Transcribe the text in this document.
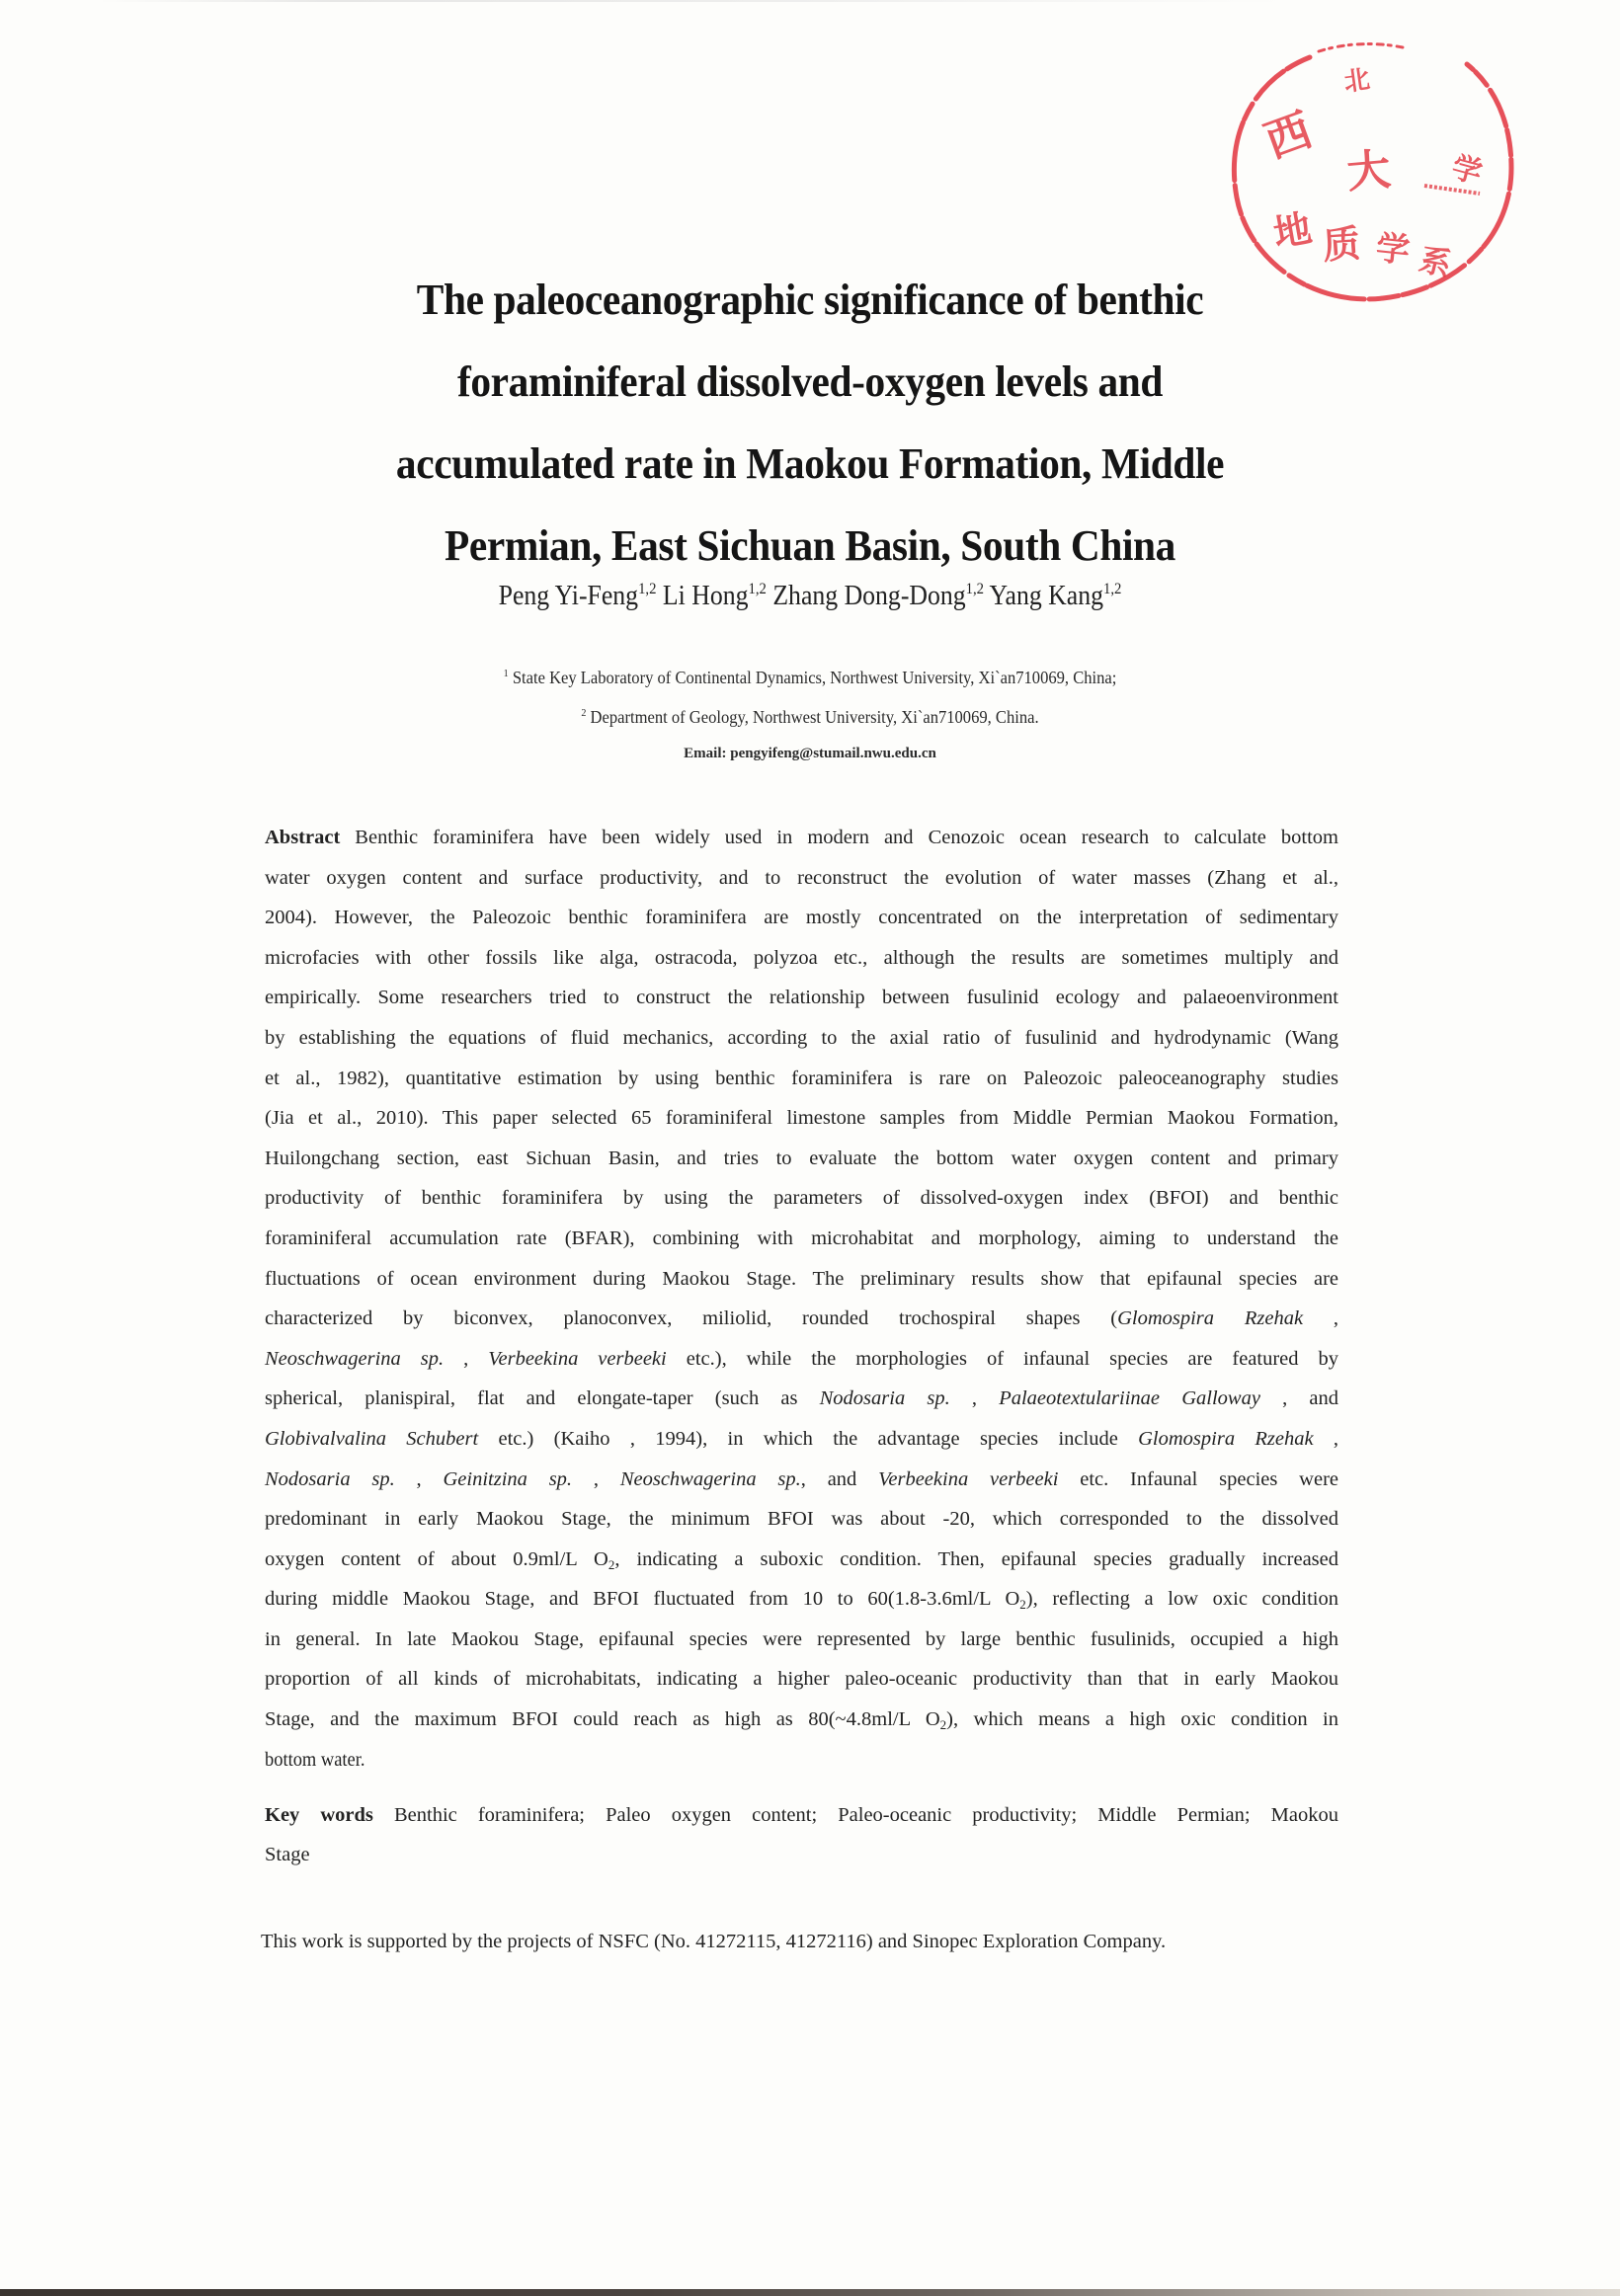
北
西
大 学
地 质 学 系
The paleoceanographic significance of benthic
foraminiferal dissolved-oxygen levels and
accumulated rate in Maokou Formation, Middle
Permian, East Sichuan Basin, South China
Peng Yi-Feng$^{1,2}$ Li Hong$^{1,2}$ Zhang Dong-Dong$^{1,2}$ Yang Kang$^{1,2}$
$^1$ State Key Laboratory of Continental Dynamics, Northwest University, Xi`an710069, China;
$^2$ Department of Geology, Northwest University, Xi`an710069, China.
Email: pengyifeng@stumail.nwu.edu.cn
Abstract Benthic foraminifera have been widely used in modern and Cenozoic ocean research to calculate bottom
water oxygen content and surface productivity, and to reconstruct the evolution of water masses (Zhang et al.,
2004). However, the Paleozoic benthic foraminifera are mostly concentrated on the interpretation of sedimentary
microfacies with other fossils like alga, ostracoda, polyzoa etc., although the results are sometimes multiply and
empirically. Some researchers tried to construct the relationship between fusulinid ecology and palaeoenvironment
by establishing the equations of fluid mechanics, according to the axial ratio of fusulinid and hydrodynamic (Wang
et al., 1982), quantitative estimation by using benthic foraminifera is rare on Paleozoic paleoceanography studies
(Jia et al., 2010). This paper selected 65 foraminiferal limestone samples from Middle Permian Maokou Formation,
Huilongchang section, east Sichuan Basin, and tries to evaluate the bottom water oxygen content and primary
productivity of benthic foraminifera by using the parameters of dissolved-oxygen index (BFOI) and benthic
foraminiferal accumulation rate (BFAR), combining with microhabitat and morphology, aiming to understand the
fluctuations of ocean environment during Maokou Stage. The preliminary results show that epifaunal species are
characterized by biconvex, planoconvex, miliolid, rounded trochospiral shapes (Glomospira Rzehak ,
Neoschwagerina sp. , Verbeekina verbeeki etc.), while the morphologies of infaunal species are featured by
spherical, planispiral, flat and elongate-taper (such as Nodosaria sp. , Palaeotextulariinae Galloway , and
Globivalvalina Schubert etc.) (Kaiho , 1994), in which the advantage species include Glomospira Rzehak ,
Nodosaria sp. , Geinitzina sp. , Neoschwagerina sp., and Verbeekina verbeeki etc. Infaunal species were
predominant in early Maokou Stage, the minimum BFOI was about -20, which corresponded to the dissolved
oxygen content of about 0.9ml/L $O_2$, indicating a suboxic condition. Then, epifaunal species gradually increased
during middle Maokou Stage, and BFOI fluctuated from 10 to 60(1.8-3.6ml/L $O_2$), reflecting a low oxic condition
in general. In late Maokou Stage, epifaunal species were represented by large benthic fusulinids, occupied a high
proportion of all kinds of microhabitats, indicating a higher paleo-oceanic productivity than that in early Maokou
Stage, and the maximum BFOI could reach as high as 80(~4.8ml/L $O_2$), which means a high oxic condition in
bottom water.
Key words Benthic foraminifera; Paleo oxygen content; Paleo-oceanic productivity; Middle Permian; Maokou
Stage
This work is supported by the projects of NSFC (No. 41272115, 41272116) and Sinopec Exploration Company.
